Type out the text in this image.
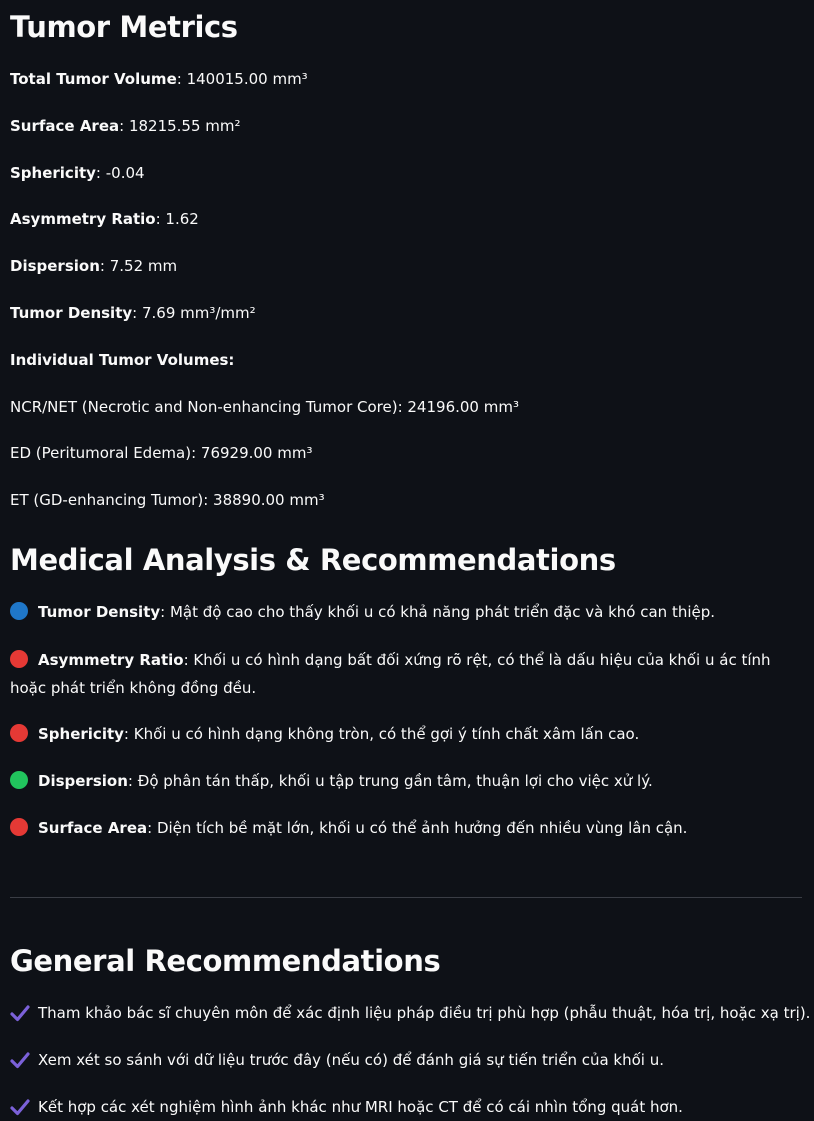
Tumor Metrics
Total Tumor Volume: 140015.00 mm³
Surface Area: 18215.55 mm²
Sphericity: -0.04
Asymmetry Ratio: 1.62
Dispersion: 7.52 mm
Tumor Density: 7.69 mm³/mm²
Individual Tumor Volumes:
NCR/NET (Necrotic and Non-enhancing Tumor Core): 24196.00 mm³
ED (Peritumoral Edema): 76929.00 mm³
ET (GD-enhancing Tumor): 38890.00 mm³
Medical Analysis & Recommendations
Tumor Density: Mật độ cao cho thấy khối u có khả năng phát triển đặc và khó can thiệp.
Asymmetry Ratio: Khối u có hình dạng bất đối xứng rõ rệt, có thể là dấu hiệu của khối u ác tính hoặc phát triển không đồng đều.
Sphericity: Khối u có hình dạng không tròn, có thể gợi ý tính chất xâm lấn cao.
Dispersion: Độ phân tán thấp, khối u tập trung gần tâm, thuận lợi cho việc xử lý.
Surface Area: Diện tích bề mặt lớn, khối u có thể ảnh hưởng đến nhiều vùng lân cận.
General Recommendations
Tham khảo bác sĩ chuyên môn để xác định liệu pháp điều trị phù hợp (phẫu thuật, hóa trị, hoặc xạ trị).
Xem xét so sánh với dữ liệu trước đây (nếu có) để đánh giá sự tiến triển của khối u.
Kết hợp các xét nghiệm hình ảnh khác như MRI hoặc CT để có cái nhìn tổng quát hơn.
